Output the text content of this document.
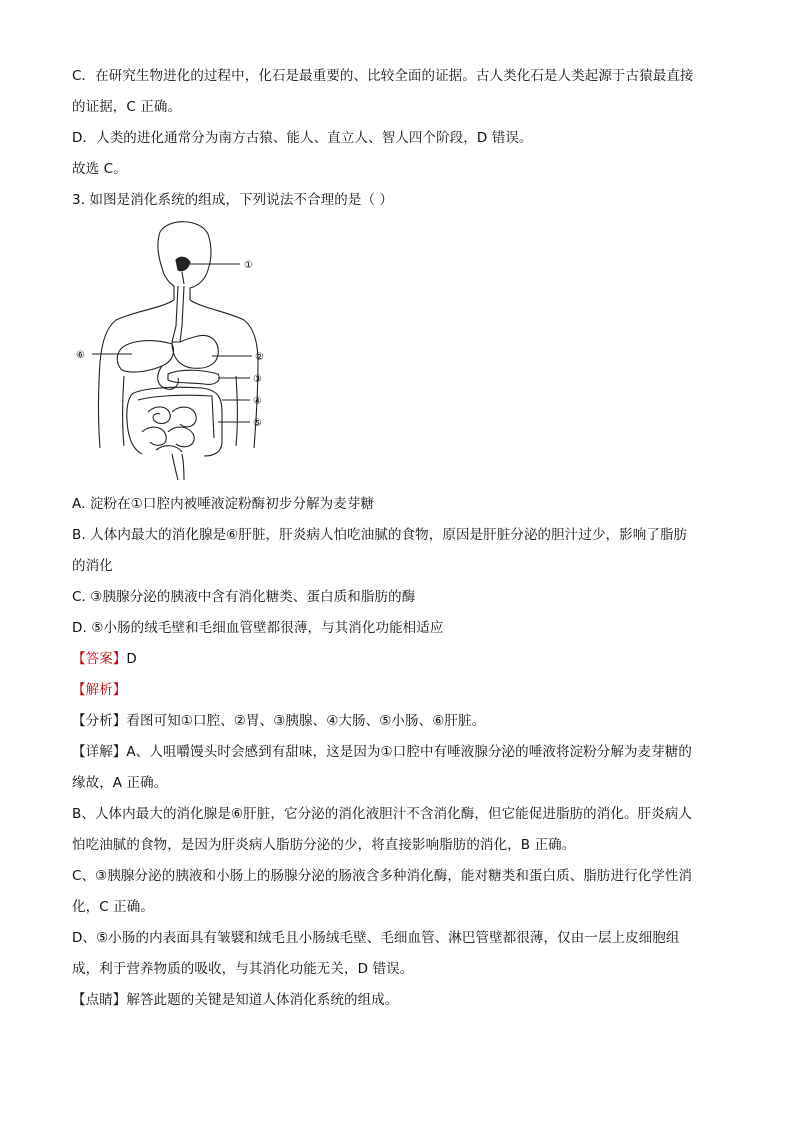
C．在研究生物进化的过程中，化石是最重要的、比较全面的证据。古人类化石是人类起源于古猿最直接
的证据，C 正确。
D．人类的进化通常分为南方古猿、能人、直立人、智人四个阶段，D 错误。
故选 C。
3. 如图是消化系统的组成，下列说法不合理的是（ ）
①
②
③
④
⑤
⑥
A. 淀粉在①口腔内被唾液淀粉酶初步分解为麦芽糖
B. 人体内最大的消化腺是⑥肝脏，肝炎病人怕吃油腻的食物，原因是肝脏分泌的胆汁过少，影响了脂肪
的消化
C. ③胰腺分泌的胰液中含有消化糖类、蛋白质和脂肪的酶
D. ⑤小肠的绒毛壁和毛细血管壁都很薄，与其消化功能相适应
【答案】D
【解析】
【分析】看图可知①口腔、②胃、③胰腺、④大肠、⑤小肠、⑥肝脏。
【详解】A、人咀嚼馒头时会感到有甜味，这是因为①口腔中有唾液腺分泌的唾液将淀粉分解为麦芽糖的
缘故，A 正确。
B、人体内最大的消化腺是⑥肝脏，它分泌的消化液胆汁不含消化酶，但它能促进脂肪的消化。肝炎病人
怕吃油腻的食物，是因为肝炎病人脂肪分泌的少，将直接影响脂肪的消化，B 正确。
C、③胰腺分泌的胰液和小肠上的肠腺分泌的肠液含多种消化酶，能对糖类和蛋白质、脂肪进行化学性消
化，C 正确。
D、⑤小肠的内表面具有皱襞和绒毛且小肠绒毛壁、毛细血管、淋巴管壁都很薄，仅由一层上皮细胞组
成，利于营养物质的吸收，与其消化功能无关，D 错误。
【点睛】解答此题的关键是知道人体消化系统的组成。
